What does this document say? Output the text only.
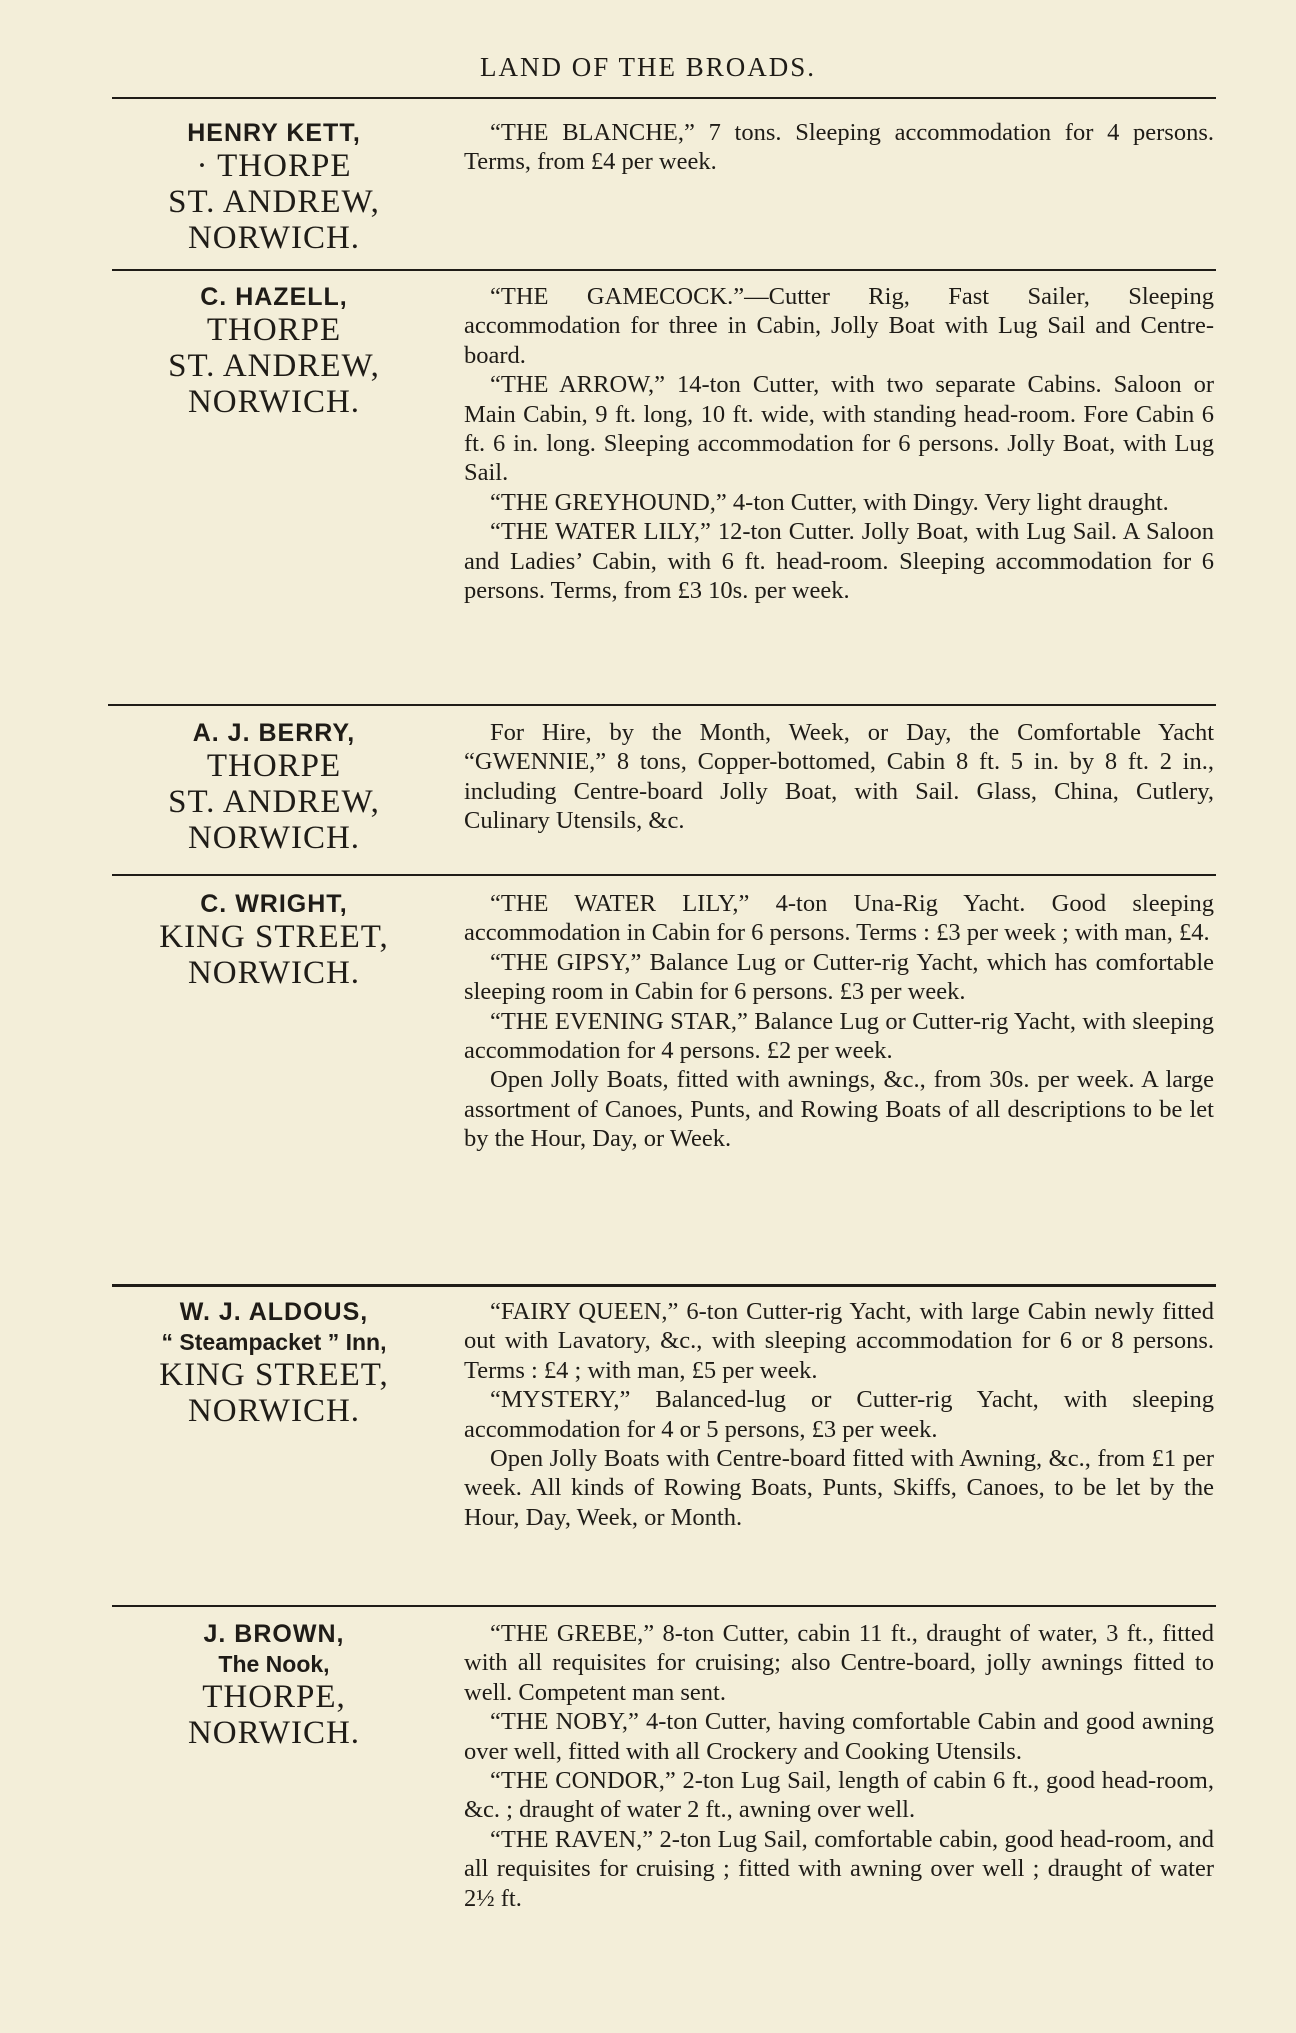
LAND OF THE BROADS.
HENRY KETT,
· THORPE
ST. ANDREW,
NORWICH.

“THE BLANCHE,” 7 tons. Sleeping accommodation for 4 persons. Terms, from £4 per week.

C. HAZELL,
THORPE
ST. ANDREW,
NORWICH.

“THE GAMECOCK.”—Cutter Rig, Fast Sailer, Sleeping accommodation for three in Cabin, Jolly Boat with Lug Sail and Centre-board.

“THE ARROW,” 14-ton Cutter, with two separate Cabins. Saloon or Main Cabin, 9 ft. long, 10 ft. wide, with standing head-room. Fore Cabin 6 ft. 6 in. long. Sleeping accommodation for 6 persons. Jolly Boat, with Lug Sail.

“THE GREYHOUND,” 4-ton Cutter, with Dingy. Very light draught.

“THE WATER LILY,” 12-ton Cutter. Jolly Boat, with Lug Sail. A Saloon and Ladies’ Cabin, with 6 ft. head-room. Sleeping accommodation for 6 persons. Terms, from £3 10s. per week.

A. J. BERRY,
THORPE
ST. ANDREW,
NORWICH.

For Hire, by the Month, Week, or Day, the Comfortable Yacht “GWENNIE,” 8 tons, Copper-bottomed, Cabin 8 ft. 5 in. by 8 ft. 2 in., including Centre-board Jolly Boat, with Sail. Glass, China, Cutlery, Culinary Utensils, &c.

C. WRIGHT,
KING STREET,
NORWICH.

“THE WATER LILY,” 4-ton Una-Rig Yacht. Good sleeping accommodation in Cabin for 6 persons. Terms : £3 per week ; with man, £4.

“THE GIPSY,” Balance Lug or Cutter-rig Yacht, which has comfortable sleeping room in Cabin for 6 persons. £3 per week.

“THE EVENING STAR,” Balance Lug or Cutter-rig Yacht, with sleeping accommodation for 4 persons. £2 per week.

Open Jolly Boats, fitted with awnings, &c., from 30s. per week. A large assortment of Canoes, Punts, and Rowing Boats of all descriptions to be let by the Hour, Day, or Week.

W. J. ALDOUS,
“ Steampacket ” Inn,
KING STREET,
NORWICH.

“FAIRY QUEEN,” 6-ton Cutter-rig Yacht, with large Cabin newly fitted out with Lavatory, &c., with sleeping accommodation for 6 or 8 persons. Terms : £4 ; with man, £5 per week.

“MYSTERY,” Balanced-lug or Cutter-rig Yacht, with sleeping accommodation for 4 or 5 persons, £3 per week.

Open Jolly Boats with Centre-board fitted with Awning, &c., from £1 per week. All kinds of Rowing Boats, Punts, Skiffs, Canoes, to be let by the Hour, Day, Week, or Month.

J. BROWN,
The Nook,
THORPE,
NORWICH.

“THE GREBE,” 8-ton Cutter, cabin 11 ft., draught of water, 3 ft., fitted with all requisites for cruising; also Centre-board, jolly awnings fitted to well. Competent man sent.

“THE NOBY,” 4-ton Cutter, having comfortable Cabin and good awning over well, fitted with all Crockery and Cooking Utensils.

“THE CONDOR,” 2-ton Lug Sail, length of cabin 6 ft., good head-room, &c. ; draught of water 2 ft., awning over well.

“THE RAVEN,” 2-ton Lug Sail, comfortable cabin, good head-room, and all requisites for cruising ; fitted with awning over well ; draught of water 2½ ft.
